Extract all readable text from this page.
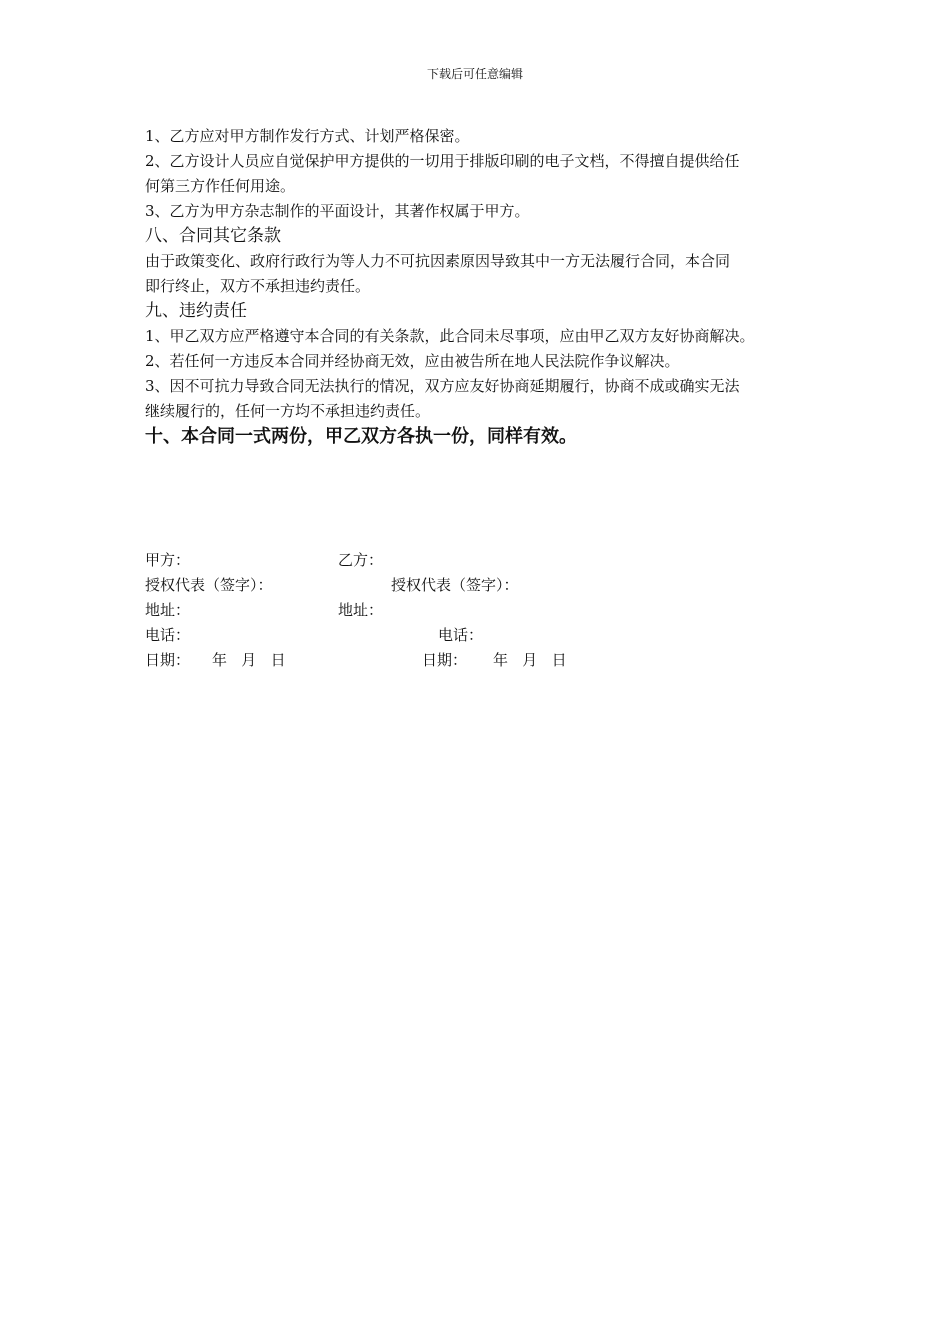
下载后可任意编辑

1、乙方应对甲方制作发行方式、计划严格保密。

2、乙方设计人员应自觉保护甲方提供的一切用于排版印刷的电子文档，不得擅自提供给任

何第三方作任何用途。

3、乙方为甲方杂志制作的平面设计，其著作权属于甲方。

八、合同其它条款

由于政策变化、政府行政行为等人力不可抗因素原因导致其中一方无法履行合同，本合同

即行终止，双方不承担违约责任。

九、违约责任

1、甲乙双方应严格遵守本合同的有关条款，此合同未尽事项，应由甲乙双方友好协商解决。

2、若任何一方违反本合同并经协商无效，应由被告所在地人民法院作争议解决。

3、因不可抗力导致合同无法执行的情况，双方应友好协商延期履行，协商不成或确实无法

继续履行的，任何一方均不承担违约责任。

十、本合同一式两份，甲乙双方各执一份，同样有效。

甲方：	乙方：
授权代表（签字）：	授权代表（签字）：
地址：	地址：
电话：	电话：
日期： 年   月   日	日期： 年   月   日
